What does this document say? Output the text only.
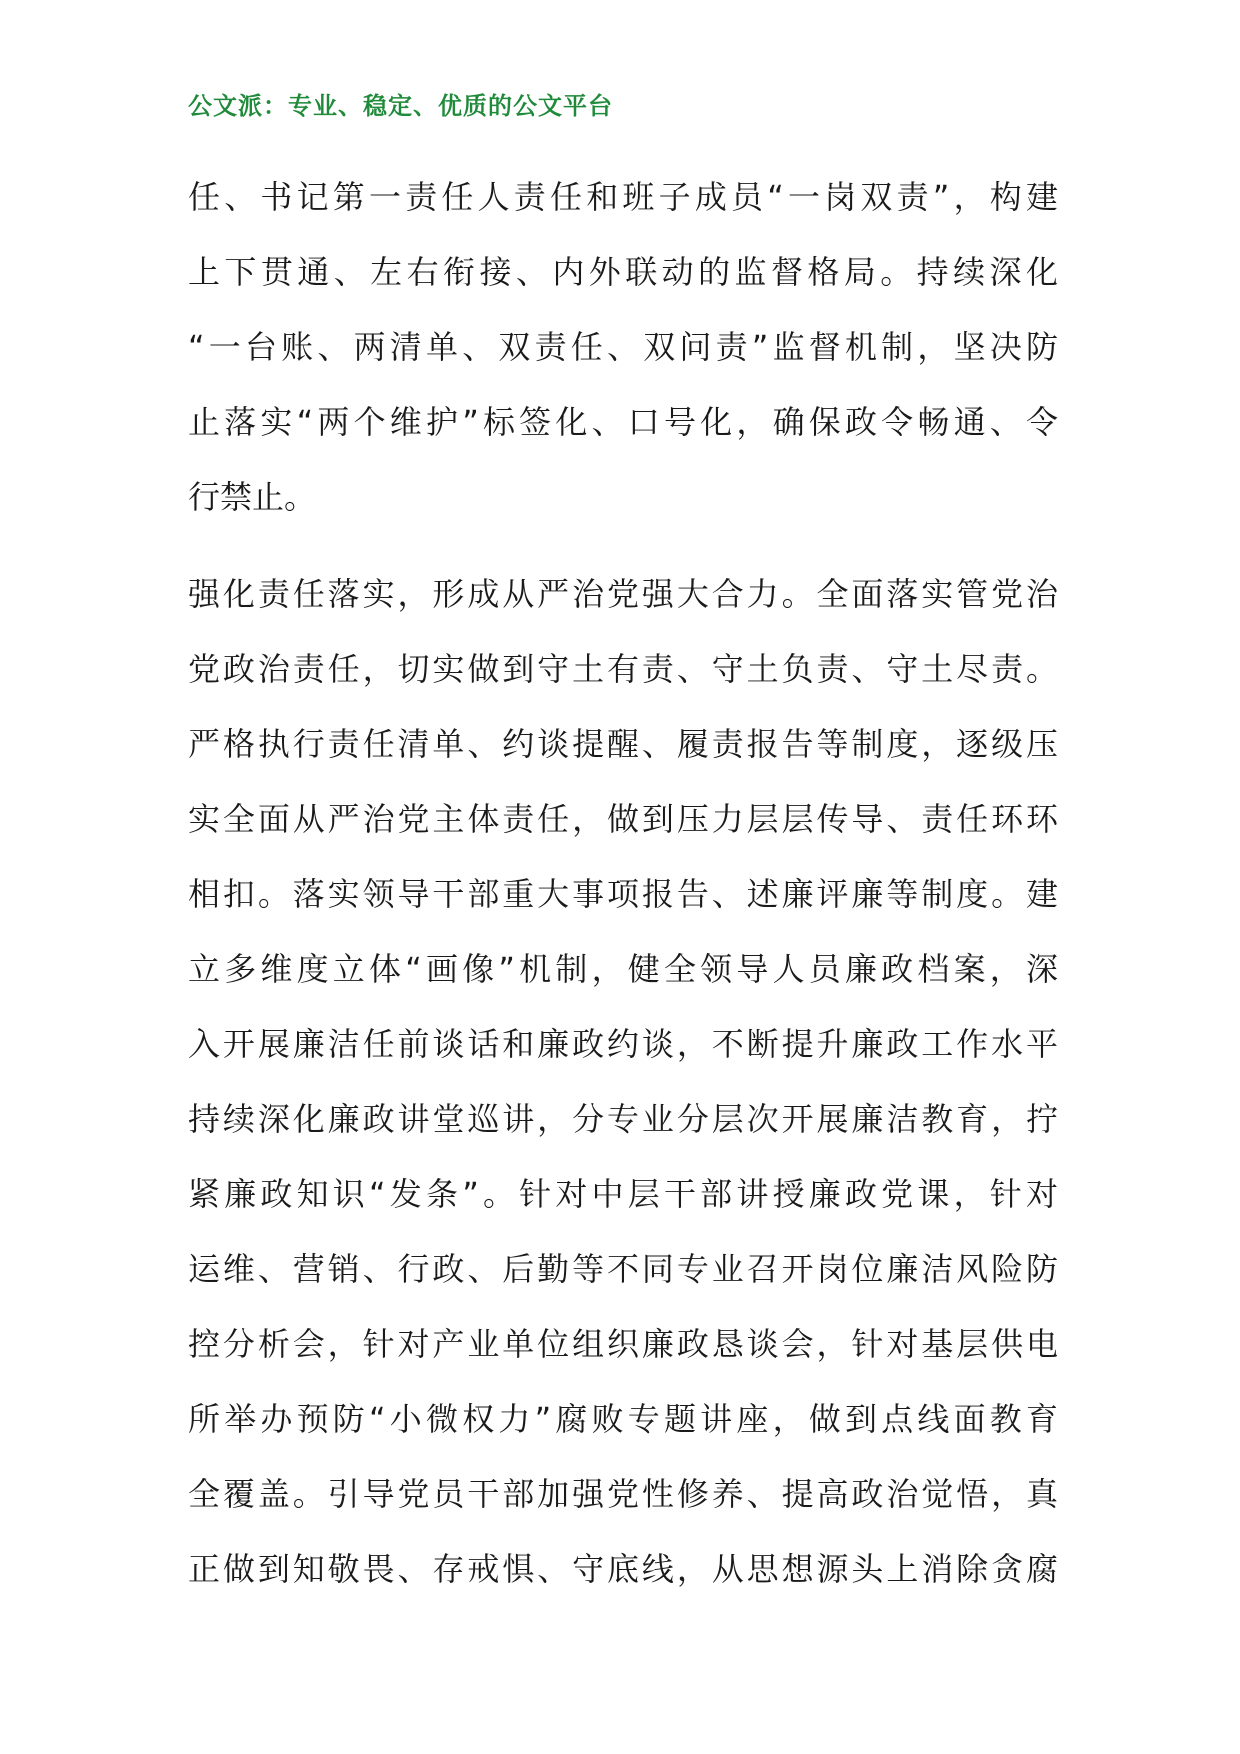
公文派：专业、稳定、优质的公文平台
任、书记第一责任人责任和班子成员“一岗双责”，构建
上下贯通、左右衔接、内外联动的监督格局。持续深化
“一台账、两清单、双责任、双问责”监督机制，坚决防
止落实“两个维护”标签化、口号化，确保政令畅通、令
行禁止。
强化责任落实，形成从严治党强大合力。全面落实管党治
党政治责任，切实做到守土有责、守土负责、守土尽责。
严格执行责任清单、约谈提醒、履责报告等制度，逐级压
实全面从严治党主体责任，做到压力层层传导、责任环环
相扣。落实领导干部重大事项报告、述廉评廉等制度。建
立多维度立体“画像”机制，健全领导人员廉政档案，深
入开展廉洁任前谈话和廉政约谈，不断提升廉政工作水平
持续深化廉政讲堂巡讲，分专业分层次开展廉洁教育，拧
紧廉政知识“发条”。针对中层干部讲授廉政党课，针对
运维、营销、行政、后勤等不同专业召开岗位廉洁风险防
控分析会，针对产业单位组织廉政恳谈会，针对基层供电
所举办预防“小微权力”腐败专题讲座，做到点线面教育
全覆盖。引导党员干部加强党性修养、提高政治觉悟，真
正做到知敬畏、存戒惧、守底线，从思想源头上消除贪腐
